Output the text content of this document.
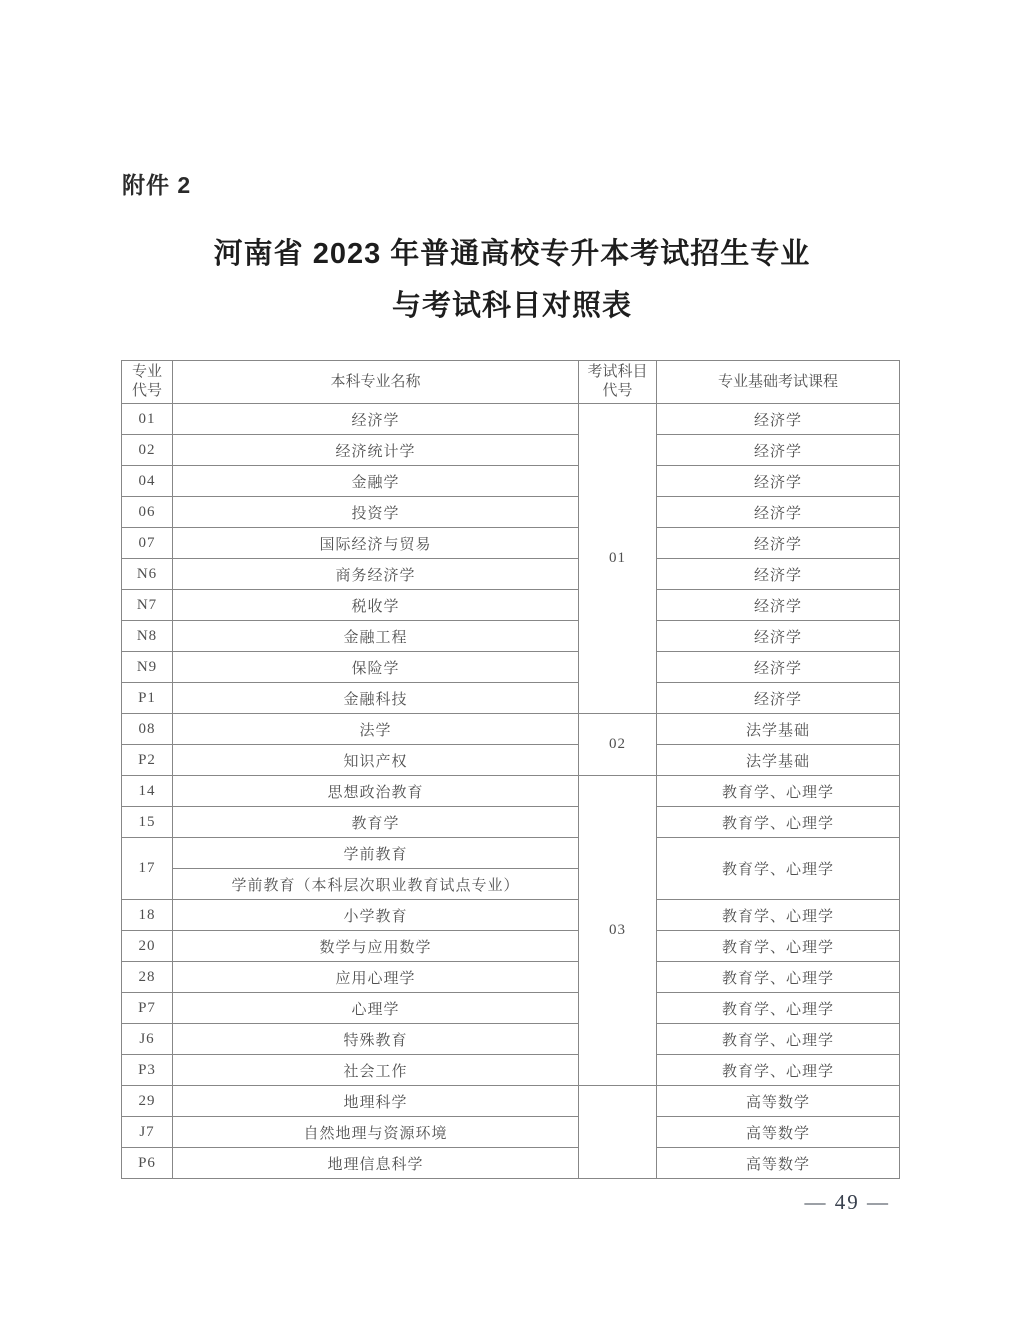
附件 2
河南省 2023 年普通高校专升本考试招生专业
与考试科目对照表
专业
代号
	本科专业名称	
考试科目
代号
	专业基础考试课程
01	经济学	01	经济学
02	经济统计学		经济学
04	金融学		经济学
06	投资学		经济学
07	国际经济与贸易		经济学
N6	商务经济学		经济学
N7	税收学		经济学
N8	金融工程		经济学
N9	保险学		经济学
P1	金融科技		经济学
08	法学	02	法学基础
P2	知识产权		法学基础
14	思想政治教育	03	教育学、心理学
15	教育学		教育学、心理学
17	学前教育		教育学、心理学
	学前教育（本科层次职业教育试点专业）		
18	小学教育		教育学、心理学
20	数学与应用数学		教育学、心理学
28	应用心理学		教育学、心理学
P7	心理学		教育学、心理学
J6	特殊教育		教育学、心理学
P3	社会工作		教育学、心理学
29	地理科学		高等数学
J7	自然地理与资源环境		高等数学
P6	地理信息科学		高等数学
— 49 —
